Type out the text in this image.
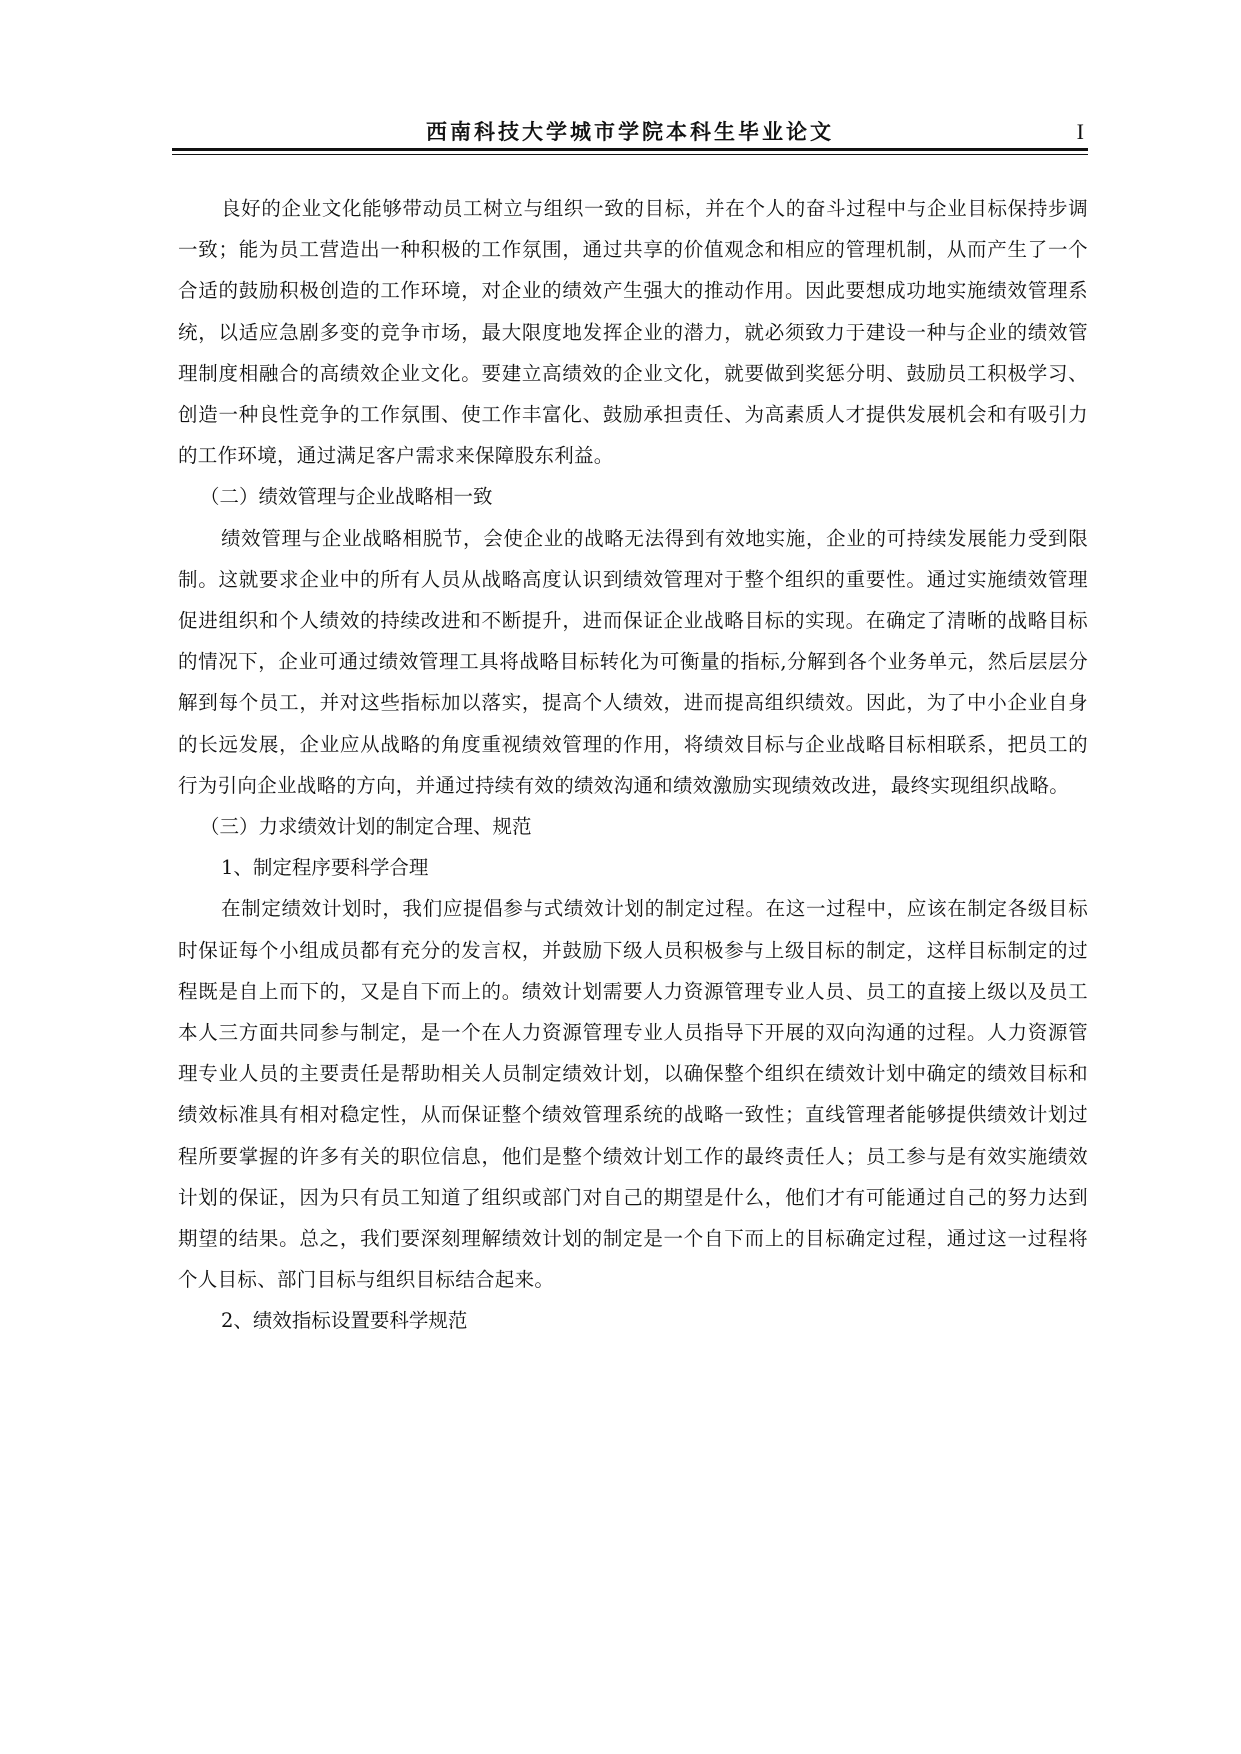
西南科技大学城市学院本科生毕业论文	I

良好的企业文化能够带动员工树立与组织一致的目标，并在个人的奋斗过程中与企业目标保持步调一致；能为员工营造出一种积极的工作氛围，通过共享的价值观念和相应的管理机制，从而产生了一个合适的鼓励积极创造的工作环境，对企业的绩效产生强大的推动作用。因此要想成功地实施绩效管理系统，以适应急剧多变的竞争市场，最大限度地发挥企业的潜力，就必须致力于建设一种与企业的绩效管理制度相融合的高绩效企业文化。要建立高绩效的企业文化，就要做到奖惩分明、鼓励员工积极学习、创造一种良性竞争的工作氛围、使工作丰富化、鼓励承担责任、为高素质人才提供发展机会和有吸引力的工作环境，通过满足客户需求来保障股东利益。

（二）绩效管理与企业战略相一致

绩效管理与企业战略相脱节，会使企业的战略无法得到有效地实施，企业的可持续发展能力受到限制。这就要求企业中的所有人员从战略高度认识到绩效管理对于整个组织的重要性。通过实施绩效管理促进组织和个人绩效的持续改进和不断提升，进而保证企业战略目标的实现。在确定了清晰的战略目标的情况下，企业可通过绩效管理工具将战略目标转化为可衡量的指标,分解到各个业务单元，然后层层分解到每个员工，并对这些指标加以落实，提高个人绩效，进而提高组织绩效。因此，为了中小企业自身的长远发展，企业应从战略的角度重视绩效管理的作用，将绩效目标与企业战略目标相联系，把员工的行为引向企业战略的方向，并通过持续有效的绩效沟通和绩效激励实现绩效改进，最终实现组织战略。

（三）力求绩效计划的制定合理、规范

1、制定程序要科学合理

在制定绩效计划时，我们应提倡参与式绩效计划的制定过程。在这一过程中，应该在制定各级目标时保证每个小组成员都有充分的发言权，并鼓励下级人员积极参与上级目标的制定，这样目标制定的过程既是自上而下的，又是自下而上的。绩效计划需要人力资源管理专业人员、员工的直接上级以及员工本人三方面共同参与制定，是一个在人力资源管理专业人员指导下开展的双向沟通的过程。人力资源管理专业人员的主要责任是帮助相关人员制定绩效计划，以确保整个组织在绩效计划中确定的绩效目标和绩效标准具有相对稳定性，从而保证整个绩效管理系统的战略一致性；直线管理者能够提供绩效计划过程所要掌握的许多有关的职位信息，他们是整个绩效计划工作的最终责任人；员工参与是有效实施绩效计划的保证，因为只有员工知道了组织或部门对自己的期望是什么，他们才有可能通过自己的努力达到期望的结果。总之，我们要深刻理解绩效计划的制定是一个自下而上的目标确定过程，通过这一过程将个人目标、部门目标与组织目标结合起来。

2、绩效指标设置要科学规范
